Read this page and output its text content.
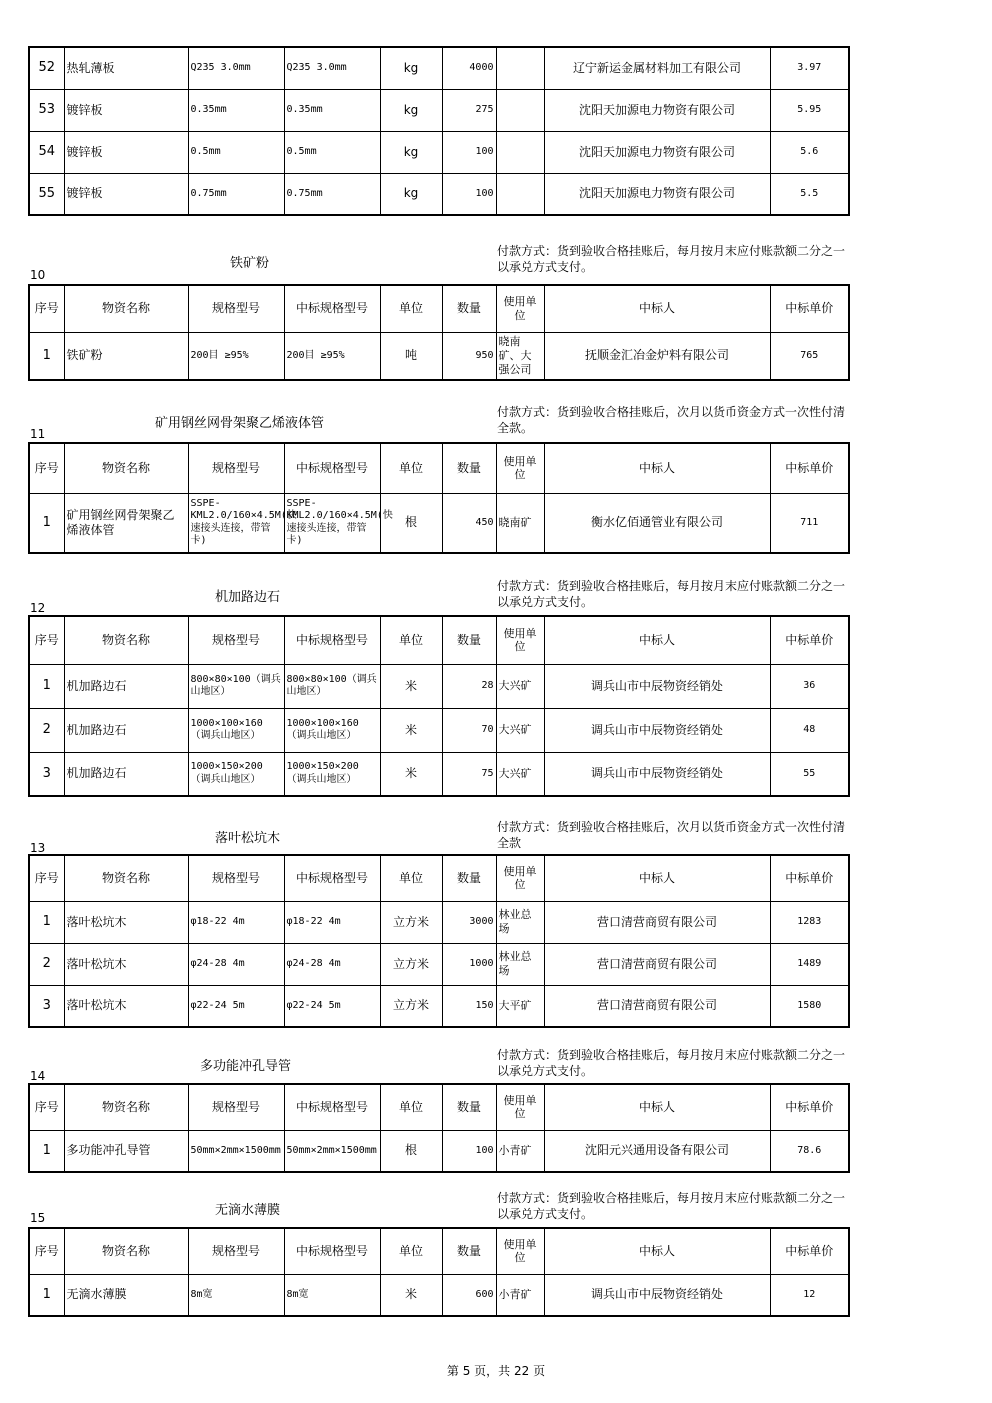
52	热轧薄板	Q235 3.0mm	Q235 3.0mm	kg	4000		辽宁新运金属材料加工有限公司	3.97
53	镀锌板	0.35mm	0.35mm	kg	275		沈阳天加源电力物资有限公司	5.95
54	镀锌板	0.5mm	0.5mm	kg	100		沈阳天加源电力物资有限公司	5.6
55	镀锌板	0.75mm	0.75mm	kg	100		沈阳天加源电力物资有限公司	5.5
10
铁矿粉
付款方式：货到验收合格挂账后，每月按月末应付账款额二分之一以承兑方式支付。
序号	物资名称	规格型号	中标规格型号	单位	数量	使用单位	中标人	中标单价
1	铁矿粉	200目 ≥95%	200目 ≥95%	吨	950	晓南矿、大强公司	抚顺金汇冶金炉料有限公司	765
11
矿用钢丝网骨架聚乙烯液体管
付款方式：货到验收合格挂账后，次月以货币资金方式一次性付清全款。
序号	物资名称	规格型号	中标规格型号	单位	数量	使用单位	中标人	中标单价
1	矿用钢丝网骨架聚乙烯液体管	SSPE-KML2.0/160×4.5M(快速接头连接，带管卡)	SSPE-KML2.0/160×4.5M(快速接头连接，带管卡)	根	450	晓南矿	衡水亿佰通管业有限公司	711
12
机加路边石
付款方式：货到验收合格挂账后，每月按月末应付账款额二分之一以承兑方式支付。
序号	物资名称	规格型号	中标规格型号	单位	数量	使用单位	中标人	中标单价
1	机加路边石	800×80×100（调兵山地区）	800×80×100（调兵山地区）	米	28	大兴矿	调兵山市中辰物资经销处	36
2	机加路边石	1000×100×160（调兵山地区）	1000×100×160（调兵山地区）	米	70	大兴矿	调兵山市中辰物资经销处	48
3	机加路边石	1000×150×200（调兵山地区）	1000×150×200（调兵山地区）	米	75	大兴矿	调兵山市中辰物资经销处	55
13
落叶松坑木
付款方式：货到验收合格挂账后，次月以货币资金方式一次性付清全款
序号	物资名称	规格型号	中标规格型号	单位	数量	使用单位	中标人	中标单价
1	落叶松坑木	φ18-22 4m	φ18-22 4m	立方米	3000	林业总场	营口清营商贸有限公司	1283
2	落叶松坑木	φ24-28 4m	φ24-28 4m	立方米	1000	林业总场	营口清营商贸有限公司	1489
3	落叶松坑木	φ22-24 5m	φ22-24 5m	立方米	150	大平矿	营口清营商贸有限公司	1580
14
多功能冲孔导管
付款方式：货到验收合格挂账后，每月按月末应付账款额二分之一以承兑方式支付。
序号	物资名称	规格型号	中标规格型号	单位	数量	使用单位	中标人	中标单价
1	多功能冲孔导管	50mm×2mm×1500mm	50mm×2mm×1500mm	根	100	小青矿	沈阳元兴通用设备有限公司	78.6
15	无滴水薄膜
付款方式：货到验收合格挂账后，每月按月末应付账款额二分之一以承兑方式支付。
序号	物资名称	规格型号	中标规格型号	单位	数量	使用单位	中标人	中标单价
1	无滴水薄膜	8m宽	8m宽	米	600	小青矿	调兵山市中辰物资经销处	12
第 5 页，共 22 页
